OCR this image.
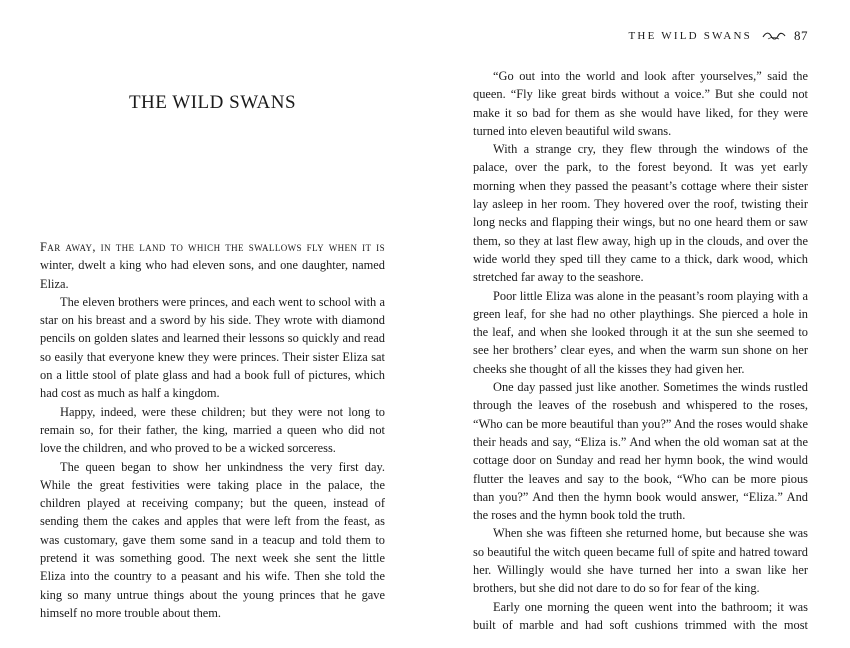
THE WILD SWANS

Far away, in the land to which the swallows fly when it is winter, dwelt a king who had eleven sons, and one daughter, named Eliza.

The eleven brothers were princes, and each went to school with a star on his breast and a sword by his side. They wrote with diamond pencils on golden slates and learned their lessons so quickly and read so easily that everyone knew they were princes. Their sister Eliza sat on a little stool of plate glass and had a book full of pictures, which had cost as much as half a kingdom.

Happy, indeed, were these children; but they were not long to remain so, for their father, the king, married a queen who did not love the children, and who proved to be a wicked sorceress.

The queen began to show her unkindness the very first day. While the great festivities were taking place in the palace, the children played at receiving company; but the queen, instead of sending them the cakes and apples that were left from the feast, as was customary, gave them some sand in a teacup and told them to pretend it was something good. The next week she sent the little Eliza into the country to a peasant and his wife. Then she told the king so many untrue things about the young princes that he gave himself no more trouble about them.

THE WILD SWANS	87

“Go out into the world and look after yourselves,” said the queen. “Fly like great birds without a voice.” But she could not make it so bad for them as she would have liked, for they were turned into eleven beautiful wild swans.

With a strange cry, they flew through the windows of the palace, over the park, to the forest beyond. It was yet early morning when they passed the peasant’s cottage where their sister lay asleep in her room. They hovered over the roof, twisting their long necks and flapping their wings, but no one heard them or saw them, so they at last flew away, high up in the clouds, and over the wide world they sped till they came to a thick, dark wood, which stretched far away to the seashore.

Poor little Eliza was alone in the peasant’s room playing with a green leaf, for she had no other playthings. She pierced a hole in the leaf, and when she looked through it at the sun she seemed to see her brothers’ clear eyes, and when the warm sun shone on her cheeks she thought of all the kisses they had given her.

One day passed just like another. Sometimes the winds rustled through the leaves of the rosebush and whispered to the roses, “Who can be more beautiful than you?” And the roses would shake their heads and say, “Eliza is.” And when the old woman sat at the cottage door on Sunday and read her hymn book, the wind would flutter the leaves and say to the book, “Who can be more pious than you?” And then the hymn book would answer, “Eliza.” And the roses and the hymn book told the truth.

When she was fifteen she returned home, but because she was so beautiful the witch queen became full of spite and hatred toward her. Willingly would she have turned her into a swan like her brothers, but she did not dare to do so for fear of the king.

Early one morning the queen went into the bathroom; it was built of marble and had soft cushions trimmed with the most
